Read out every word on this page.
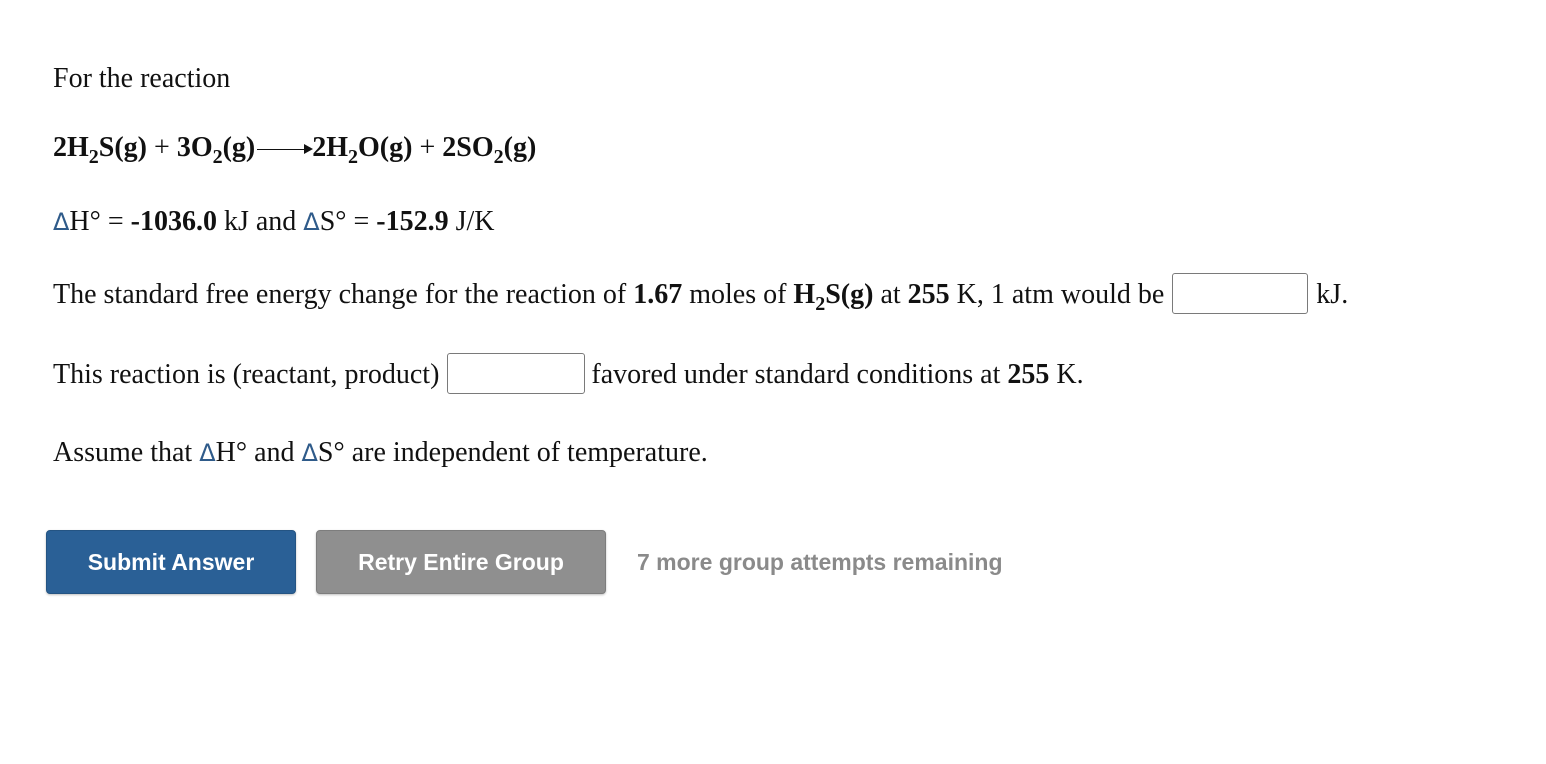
For the reaction
$2H_2S(g) + 3O_2(g) 2H_2O(g) + 2SO_2(g)$
ΔH° = -1036.0 kJ and ΔS° = -152.9 J/K
The standard free energy change for the reaction of 1.67 moles of $H_2S(g)$ at 255 K, 1 atm would be	kJ.
This reaction is (reactant, product)	favored under standard conditions at 255 K.
Assume that ΔH° and ΔS° are independent of temperature.
Submit Answer	Retry Entire Group	7 more group attempts remaining
